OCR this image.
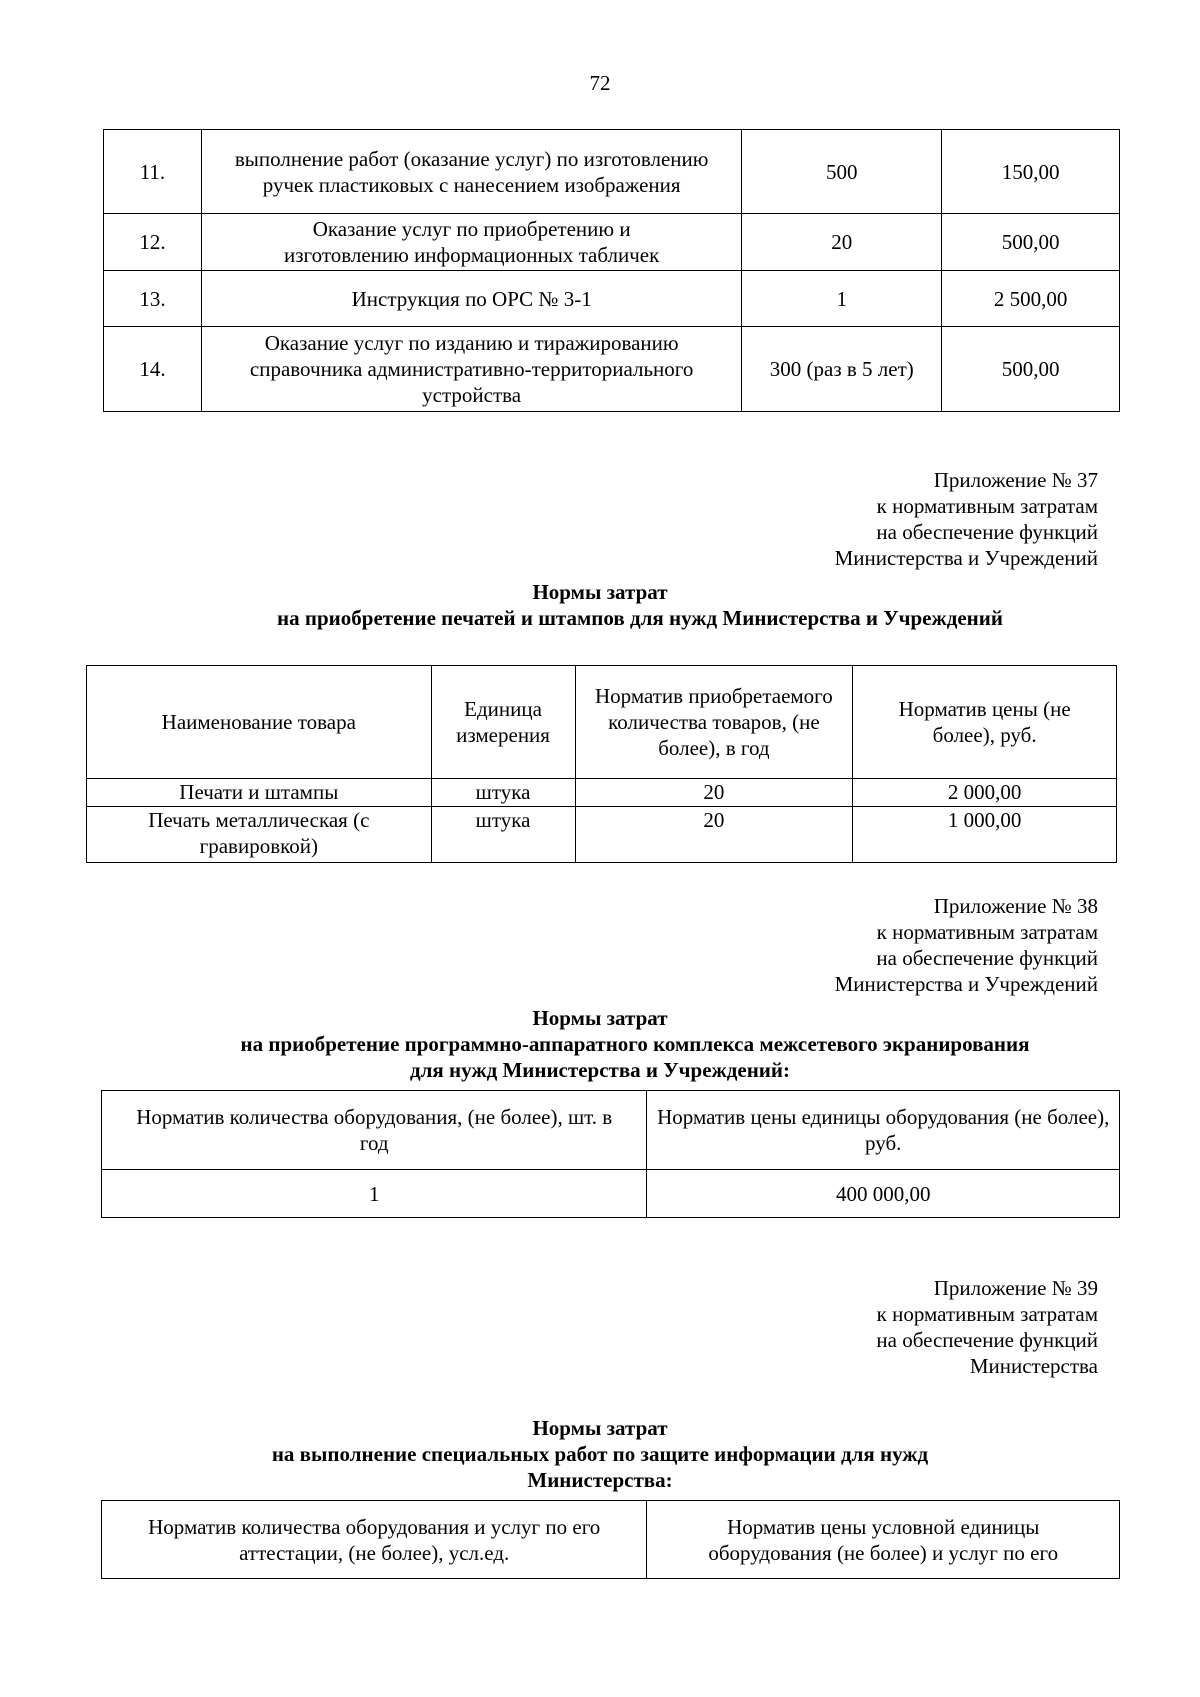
72
11.	выполнение работ (оказание услуг) по изготовлению ручек пластиковых с нанесением изображения	500	150,00
12.	Оказание услуг по приобретению и изготовлению информационных табличек	20	500,00
13.	Инструкция по ОРС № 3-1	1	2 500,00
14.	Оказание услуг по изданию и тиражированию справочника административно-территориального устройства	300 (раз в 5 лет)	500,00
Приложение № 37
к нормативным затратам
на обеспечение функций
Министерства и Учреждений
Нормы затрат
на приобретение печатей и штампов для нужд Министерства и Учреждений
Наименование товара	Единица измерения	Норматив приобретаемого количества товаров, (не более), в год	Норматив цены (не более), руб.
Печати и штампы	штука	20	2 000,00
Печать металлическая (с гравировкой)	штука	20	1 000,00
Приложение № 38
к нормативным затратам
на обеспечение функций
Министерства и Учреждений
Нормы затрат
на приобретение программно-аппаратного комплекса межсетевого экранирования
для нужд Министерства и Учреждений:
Норматив количества оборудования, (не более), шт. в год	Норматив цены единицы оборудования (не более), руб.
1	400 000,00
Приложение № 39
к нормативным затратам
на обеспечение функций
Министерства
Нормы затрат
на выполнение специальных работ по защите информации для нужд
Министерства:
Норматив количества оборудования и услуг по его аттестации, (не более), усл.ед.	Норматив цены условной единицы оборудования (не более) и услуг по его
